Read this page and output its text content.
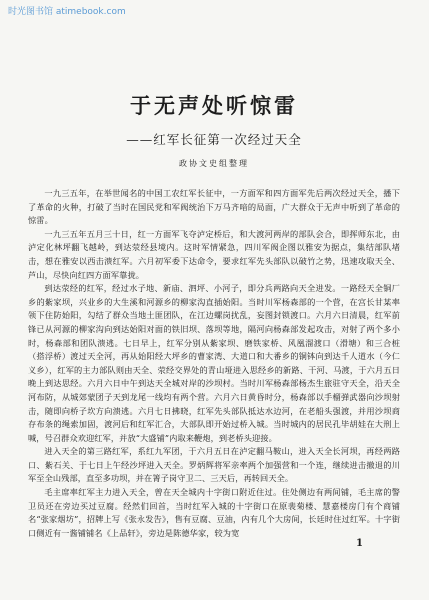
时光图书馆 atimebook.com
于无声处听惊雷

——红军长征第一次经过天全

政协文史组整理

一九三五年，在举世闻名的中国工农红军长征中，一方面军和四方面军先后两次经过天全，播下了革命的火种，打破了当时在国民党和军阀统治下万马齐喑的局面，广大群众于无声中听到了革命的惊雷。

一九三五年五月三十日，红一方面军飞夺泸定桥后，和大渡河两岸的部队会合，即挥师东北，由泸定化林坪翻飞越岭，到达荥经县境内。这时军情紧急，四川军阀企图以雅安为据点，集结部队堵击，想在雅安以西击溃红军。六月初军委下达命令，要求红军先头部队以破竹之势，迅速攻取天全、芦山，尽快向红四方面军靠拢。

到达荥经的红军，经过水子地、新庙、泗坪、小河子，即分兵两路向天全进发。一路经天全铜厂乡的紫家坝，兴业乡的大生溪和河源乡的柳家沟直插始阳。当时川军杨森部的一个营，在宫长甘某率领下住防始阳，勾结了群众当地土匪团队，在江边螺岗扰乱，妄图封锁渡口。六月六日清晨，红军前锋已从河源的柳家沟向到达始阳对面的铁旧坝、落坝等地，隔河向杨森部发起攻击，对射了两个多小时，杨森部和团队溃逃。七日早上，红军分别从紫家坝、磨铁家桥、风凰溜渡口（滑塘）和三合桩（搭浮桥）渡过天全河，再从始阳经大坪乡的曹家湾、大道口和大番乡的铜钵向到达千人道水（今仁义乡），红军的主力部队则由天全、荥经交界处的青山垭进入思经乡的新路、干河、马渡，于六月五日晚上到达思经。六月六日中午到达天全城对岸的沙坝村。当时川军杨森部杨杰生旅驻守天全，沿天全河布防，从城郊蒙团子天到龙尾一线均有两个营。六月六日黄昏时分，杨森部以手榴弹武器向沙坝射击，随即向桥子坎方向溃逃。六月七日拂晓，红军先头部队抵达水边河，在老船头强渡，并用沙坝商存布条的绳索加固，渡河后和红军汇合，大部队即开始过桥入城。当时城内的居民孔毕胡娃在大刑上喊，号召群众欢迎红军，并放“大盛铺”内取来鞭炮，到老桥头迎接。

进入天全的第三路红军，系红九军团，于六月五日在泸定翻马鞍山，进入天全长河坝，再经两路口、紫石关、于七日上午经沙坪进入天全。罗炳辉将军亲率两个加强营和一个连，继续进击撤退的川军至全山残部，直至多功坝，并在箐子岗守卫二、三天后，再转回天全。

毛主席率红军主力进入天全，曾在天全城内十字街口附近住过。住处侧边有两间铺，毛主席的警卫员还在旁边买过豆腐。经然们回首，当时红军入城的十字街口在原裴菊楼、慧嘉楼房门有个商铺名“张家烟坊”，招牌上写《张永发告》，售有豆腐、豆油，内有几个大房间，长廷时住过红军。十字街口侧近有一酱铺铺名《上品轩》，旁边是陈德华家，较为宽

1
